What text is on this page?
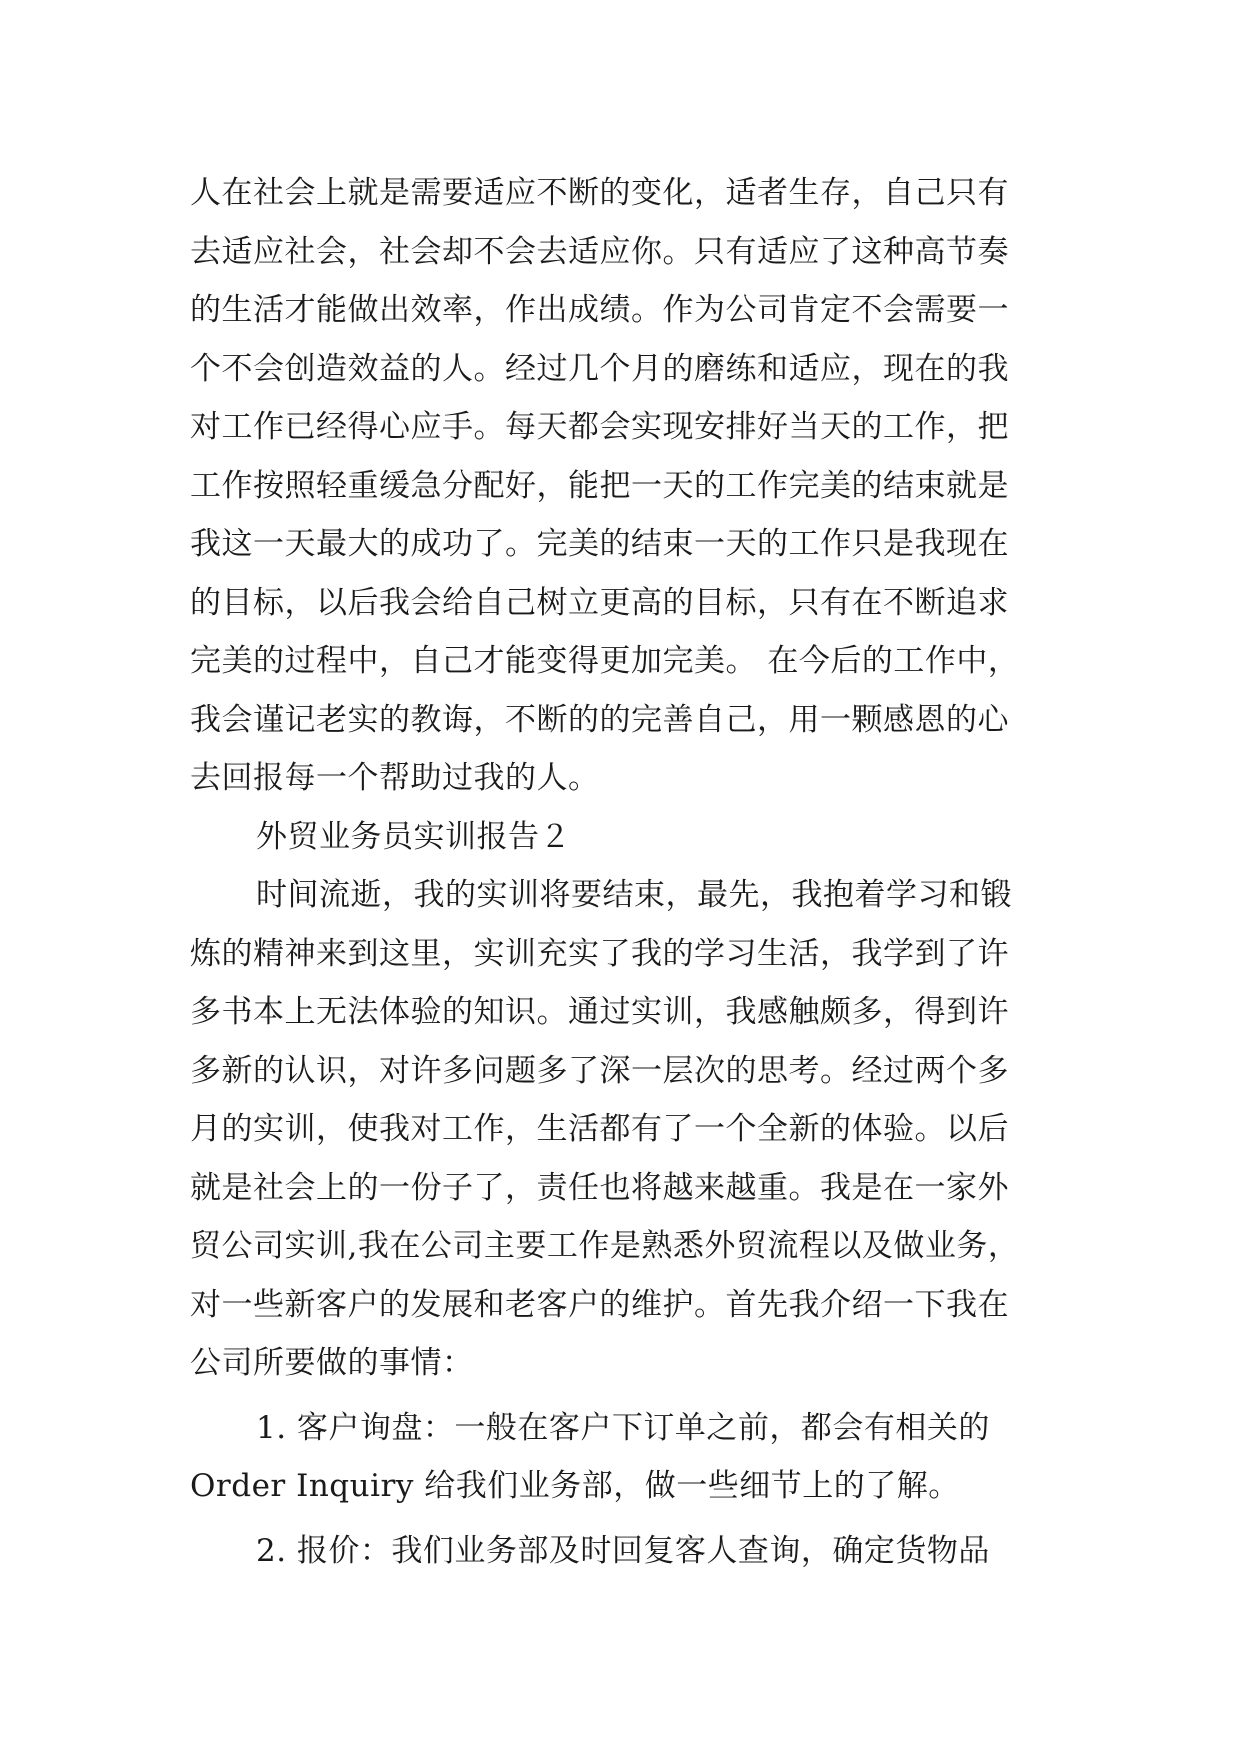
人在社会上就是需要适应不断的变化，适者生存，自己只有
去适应社会，社会却不会去适应你。只有适应了这种高节奏
的生活才能做出效率，作出成绩。作为公司肯定不会需要一
个不会创造效益的人。经过几个月的磨练和适应，现在的我
对工作已经得心应手。每天都会实现安排好当天的工作，把
工作按照轻重缓急分配好，能把一天的工作完美的结束就是
我这一天最大的成功了。完美的结束一天的工作只是我现在
的目标，以后我会给自己树立更高的目标，只有在不断追求
完美的过程中，自己才能变得更加完美。 在今后的工作中，
我会谨记老实的教诲，不断的的完善自己，用一颗感恩的心
去回报每一个帮助过我的人。
外贸业务员实训报告２
时间流逝，我的实训将要结束，最先，我抱着学习和锻
炼的精神来到这里，实训充实了我的学习生活，我学到了许
多书本上无法体验的知识。通过实训，我感触颇多，得到许
多新的认识，对许多问题多了深一层次的思考。经过两个多
月的实训，使我对工作，生活都有了一个全新的体验。以后
就是社会上的一份子了，责任也将越来越重。我是在一家外
贸公司实训,我在公司主要工作是熟悉外贸流程以及做业务，
对一些新客户的发展和老客户的维护。首先我介绍一下我在
公司所要做的事情：
1. 客户询盘：一般在客户下订单之前，都会有相关的
Order Inquiry 给我们业务部，做一些细节上的了解。
2. 报价：我们业务部及时回复客人查询，确定货物品
